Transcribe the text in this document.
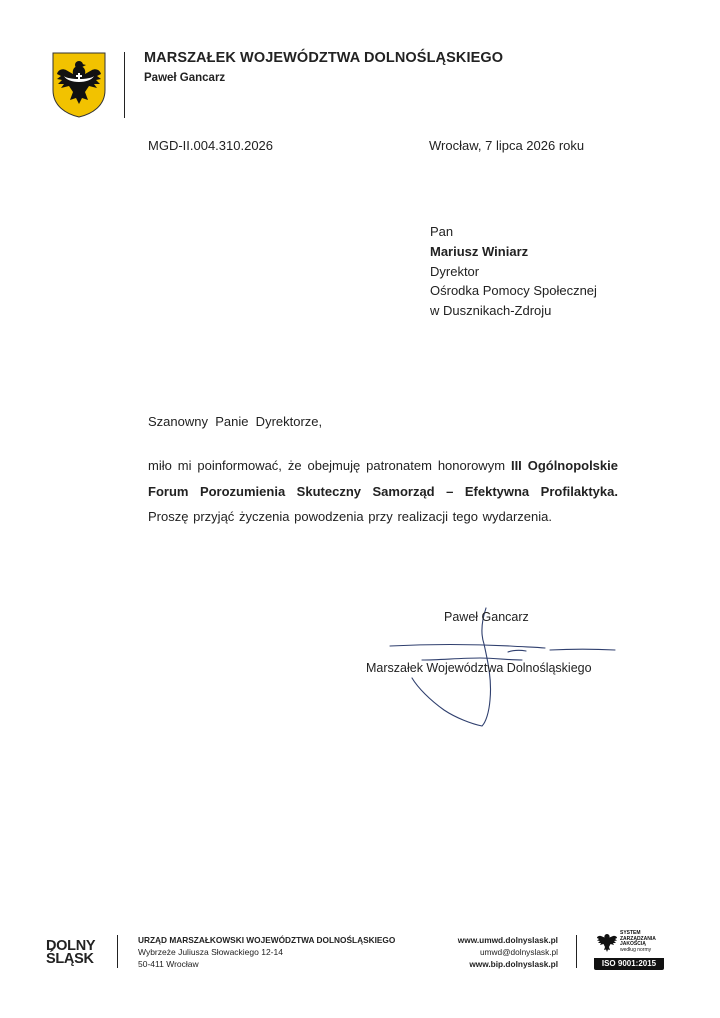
MARSZAŁEK WOJEWÓDZTWA DOLNOŚLĄSKIEGO
Paweł Gancarz
MGD-II.004.310.2026	Wrocław, 7 lipca 2026 roku
Pan
Mariusz Winiarz
Dyrektor
Ośrodka Pomocy Społecznej
w Dusznikach-Zdroju
Szanowny  Panie  Dyrektorze,
miło mi poinformować, że obejmuję patronatem honorowym III Ogólnopolskie
Forum Porozumienia Skuteczny Samorząd – Efektywna Profilaktyka.
Proszę przyjąć życzenia powodzenia przy realizacji tego wydarzenia.
Paweł Gancarz
Marszałek Województwa Dolnośląskiego
DOLNY
ŚLĄSK
URZĄD MARSZAŁKOWSKI WOJEWÓDZTWA DOLNOŚLĄSKIEGO
Wybrzeże Juliusza Słowackiego 12-14
50-411 Wrocław
www.umwd.dolnyslask.pl
umwd@dolnyslask.pl
www.bip.dolnyslask.pl
SYSTEM
ZARZĄDZANIA
JAKOŚCIĄ
według normy
ISO 9001:2015
